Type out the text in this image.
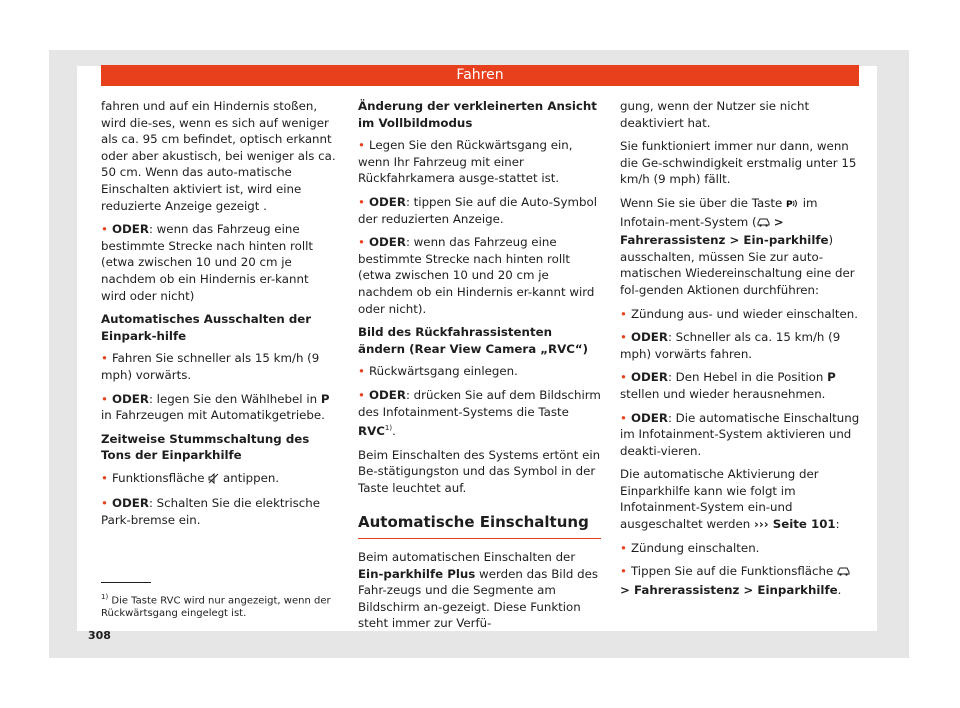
Fahren

fahren und auf ein Hindernis stoßen, wird die-ses, wenn es sich auf weniger als ca. 95 cm befindet, optisch erkannt oder aber akustisch, bei weniger als ca. 50 cm. Wenn das auto-matische Einschalten aktiviert ist, wird eine reduzierte Anzeige gezeigt .

• ODER: wenn das Fahrzeug eine bestimmte Strecke nach hinten rollt (etwa zwischen 10 und 20 cm je nachdem ob ein Hindernis er-kannt wird oder nicht)

Automatisches Ausschalten der Einpark-hilfe

• Fahren Sie schneller als 15 km/h (9 mph) vorwärts.

• ODER: legen Sie den Wählhebel in P in Fahrzeugen mit Automatikgetriebe.

Zeitweise Stummschaltung des Tons der Einparkhilfe

• Funktionsfläche  antippen.

• ODER: Schalten Sie die elektrische Park-bremse ein.

Änderung der verkleinerten Ansicht im Vollbildmodus

• Legen Sie den Rückwärtsgang ein, wenn Ihr Fahrzeug mit einer Rückfahrkamera ausge-stattet ist.

• ODER: tippen Sie auf die Auto-Symbol der reduzierten Anzeige.

• ODER: wenn das Fahrzeug eine bestimmte Strecke nach hinten rollt (etwa zwischen 10 und 20 cm je nachdem ob ein Hindernis er-kannt wird oder nicht).

Bild des Rückfahrassistenten ändern (Rear View Camera „RVC“)

• Rückwärtsgang einlegen.

• ODER: drücken Sie auf dem Bildschirm des Infotainment-Systems die Taste RVC$^{1)}$.

Beim Einschalten des Systems ertönt ein Be-stätigungston und das Symbol in der Taste leuchtet auf.

Automatische Einschaltung

Beim automatischen Einschalten der Ein-parkhilfe Plus werden das Bild des Fahr-zeugs und die Segmente am Bildschirm an-gezeigt. Diese Funktion steht immer zur Verfü-

gung, wenn der Nutzer sie nicht deaktiviert hat.

Sie funktioniert immer nur dann, wenn die Ge-schwindigkeit erstmalig unter 15 km/h (9 mph) fällt.

Wenn Sie sie über die Taste P im Infotain-ment-System ( > Fahrerassistenz > Ein-parkhilfe) ausschalten, müssen Sie zur auto-matischen Wiedereinschaltung eine der fol-genden Aktionen durchführen:

• Zündung aus- und wieder einschalten.

• ODER: Schneller als ca. 15 km/h (9 mph) vorwärts fahren.

• ODER: Den Hebel in die Position P stellen und wieder herausnehmen.

• ODER: Die automatische Einschaltung im Infotainment-System aktivieren und deakti-vieren.

Die automatische Aktivierung der Einparkhilfe kann wie folgt im Infotainment-System ein-und ausgeschaltet werden ››› Seite 101:

• Zündung einschalten.

• Tippen Sie auf die Funktionsfläche  > Fahrerassistenz > Einparkhilfe.

$^{1)}$ Die Taste RVC wird nur angezeigt, wenn der Rückwärtsgang eingelegt ist.
308
